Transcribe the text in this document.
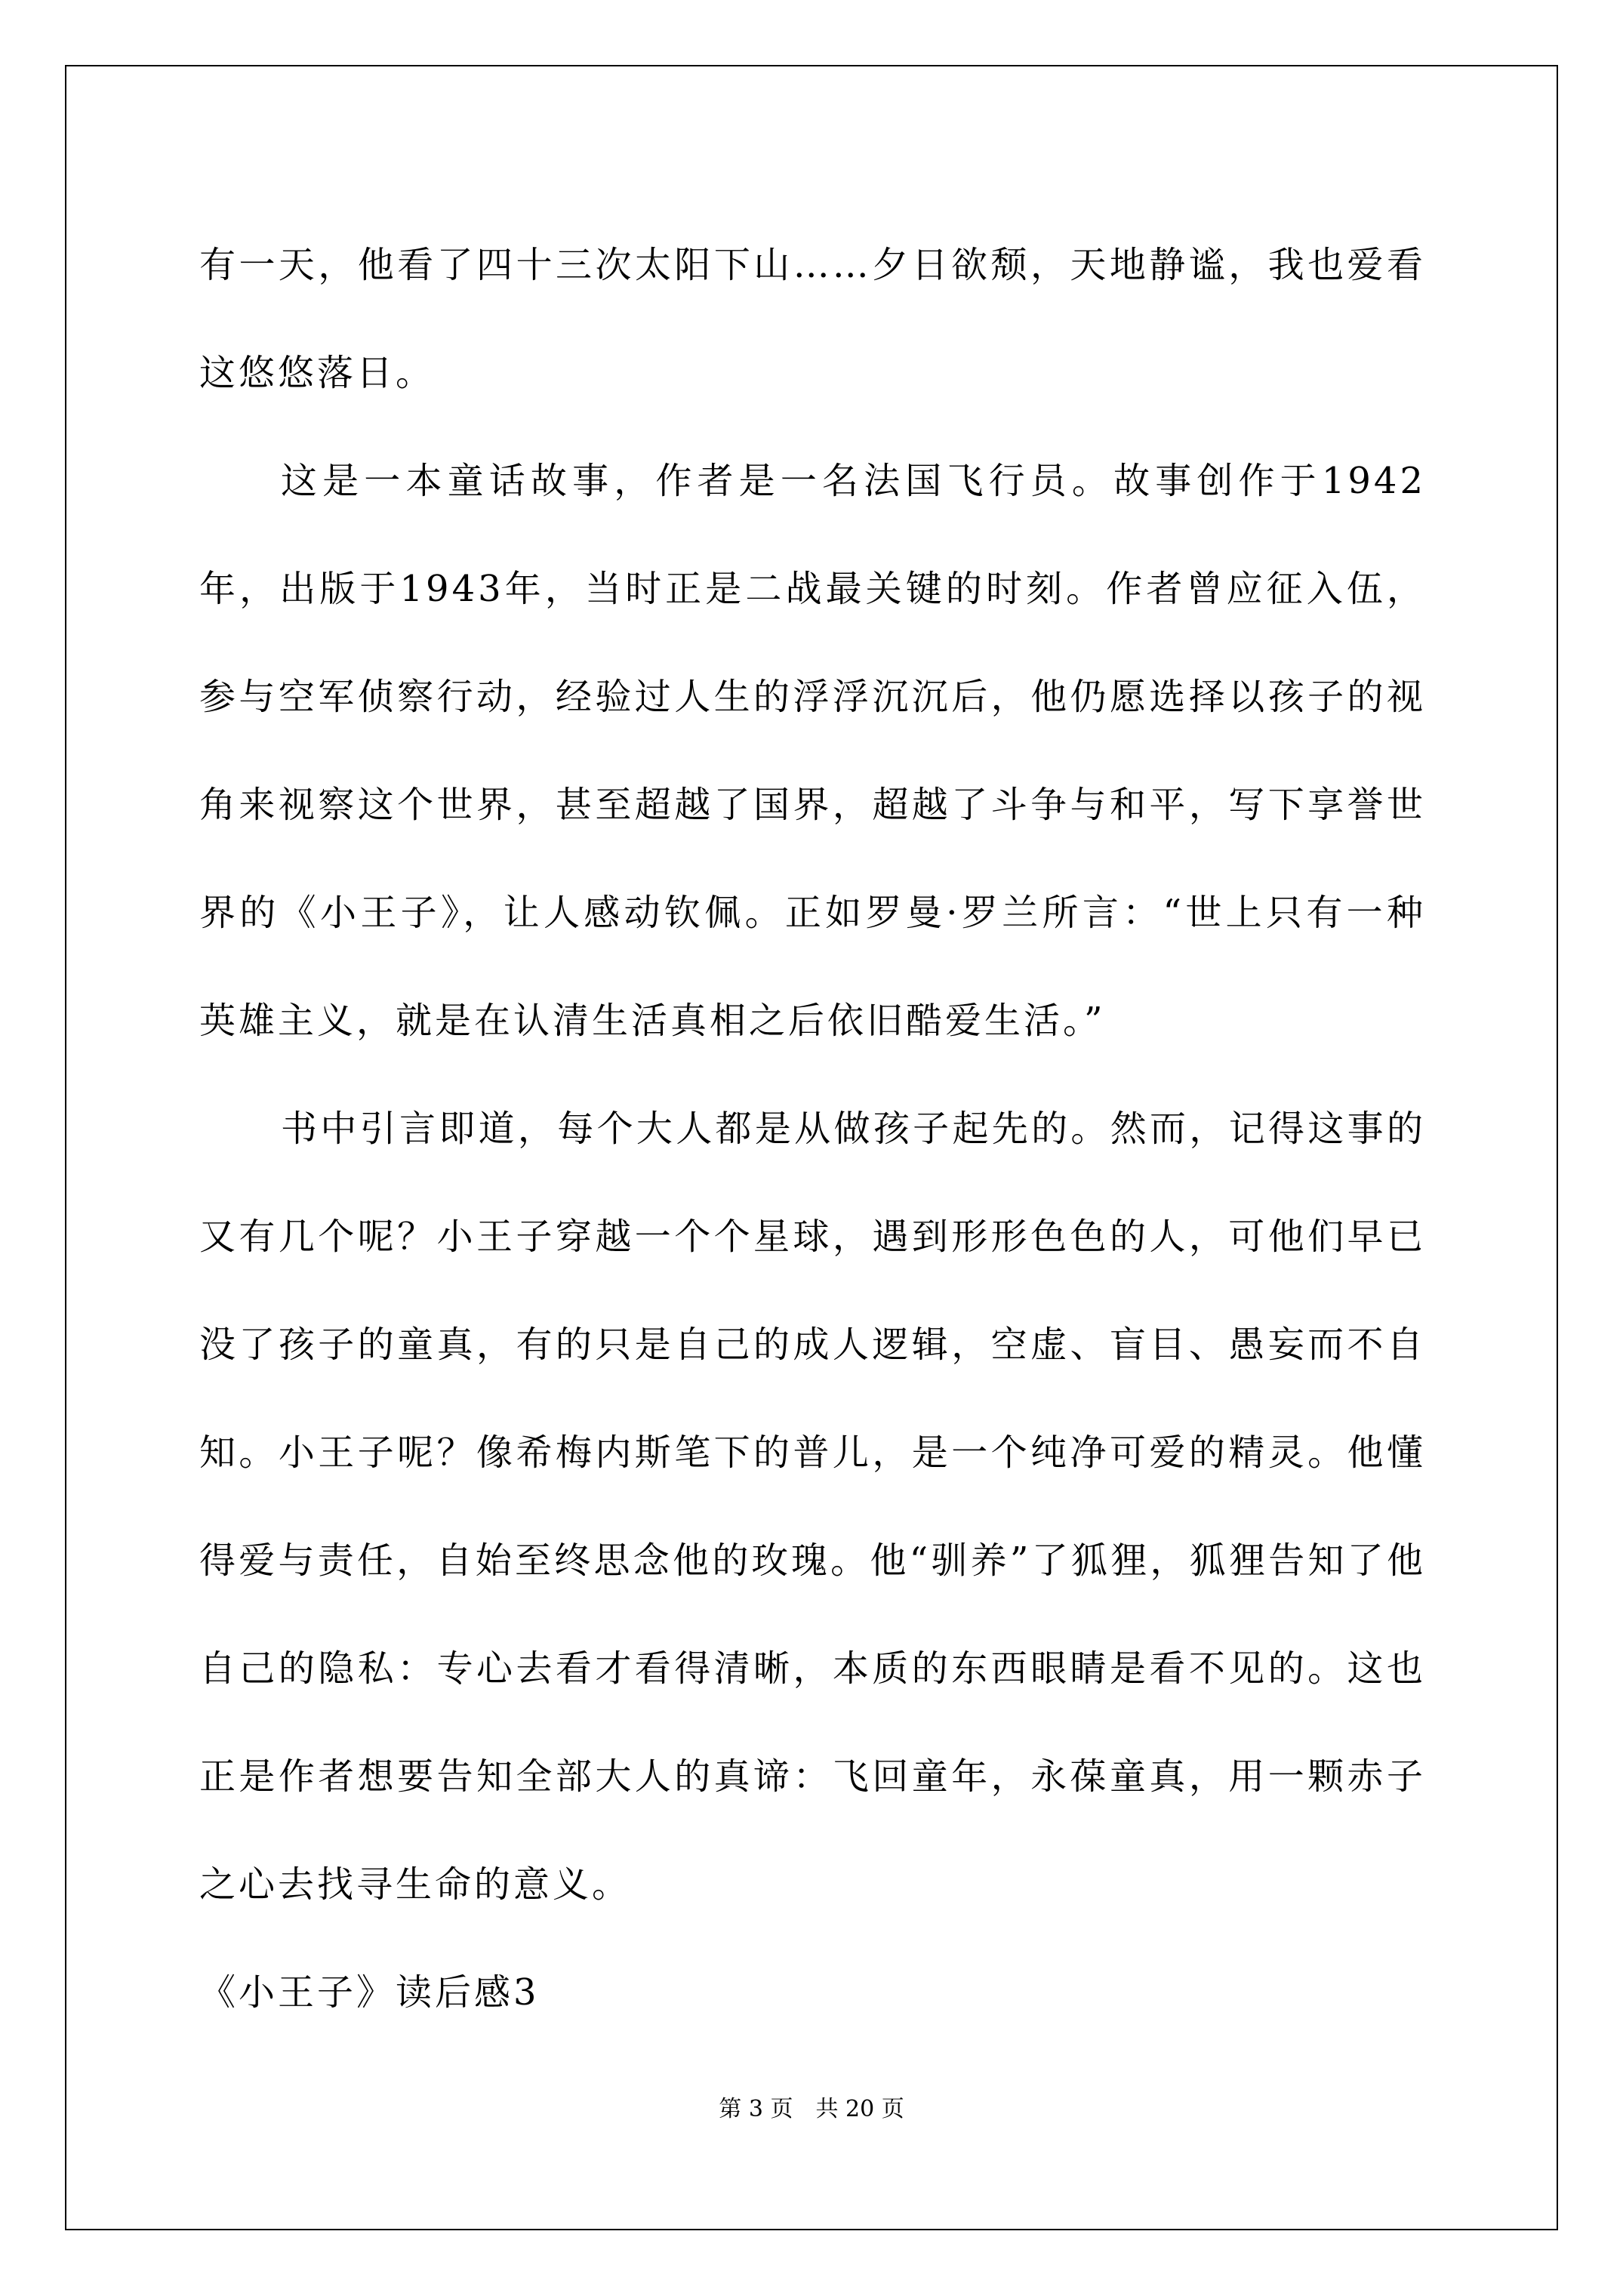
有一天，他看了四十三次太阳下山……夕日欲颓，天地静谧，我也爱看这悠悠落日。

这是一本童话故事，作者是一名法国飞行员。故事创作于1942年，出版于1943年，当时正是二战最关键的时刻。作者曾应征入伍，参与空军侦察行动，经验过人生的浮浮沉沉后，他仍愿选择以孩子的视角来视察这个世界，甚至超越了国界，超越了斗争与和平，写下享誉世界的《小王子》，让人感动钦佩。正如罗曼·罗兰所言：“世上只有一种英雄主义，就是在认清生活真相之后依旧酷爱生活。”

书中引言即道，每个大人都是从做孩子起先的。然而，记得这事的又有几个呢？小王子穿越一个个星球，遇到形形色色的人，可他们早已没了孩子的童真，有的只是自己的成人逻辑，空虚、盲目、愚妄而不自知。小王子呢？像希梅内斯笔下的普儿，是一个纯净可爱的精灵。他懂得爱与责任，自始至终思念他的玫瑰。他“驯养”了狐狸，狐狸告知了他自己的隐私：专心去看才看得清晰，本质的东西眼睛是看不见的。这也正是作者想要告知全部大人的真谛：飞回童年，永葆童真，用一颗赤子之心去找寻生命的意义。

《小王子》读后感3

第 3 页　共 20 页
